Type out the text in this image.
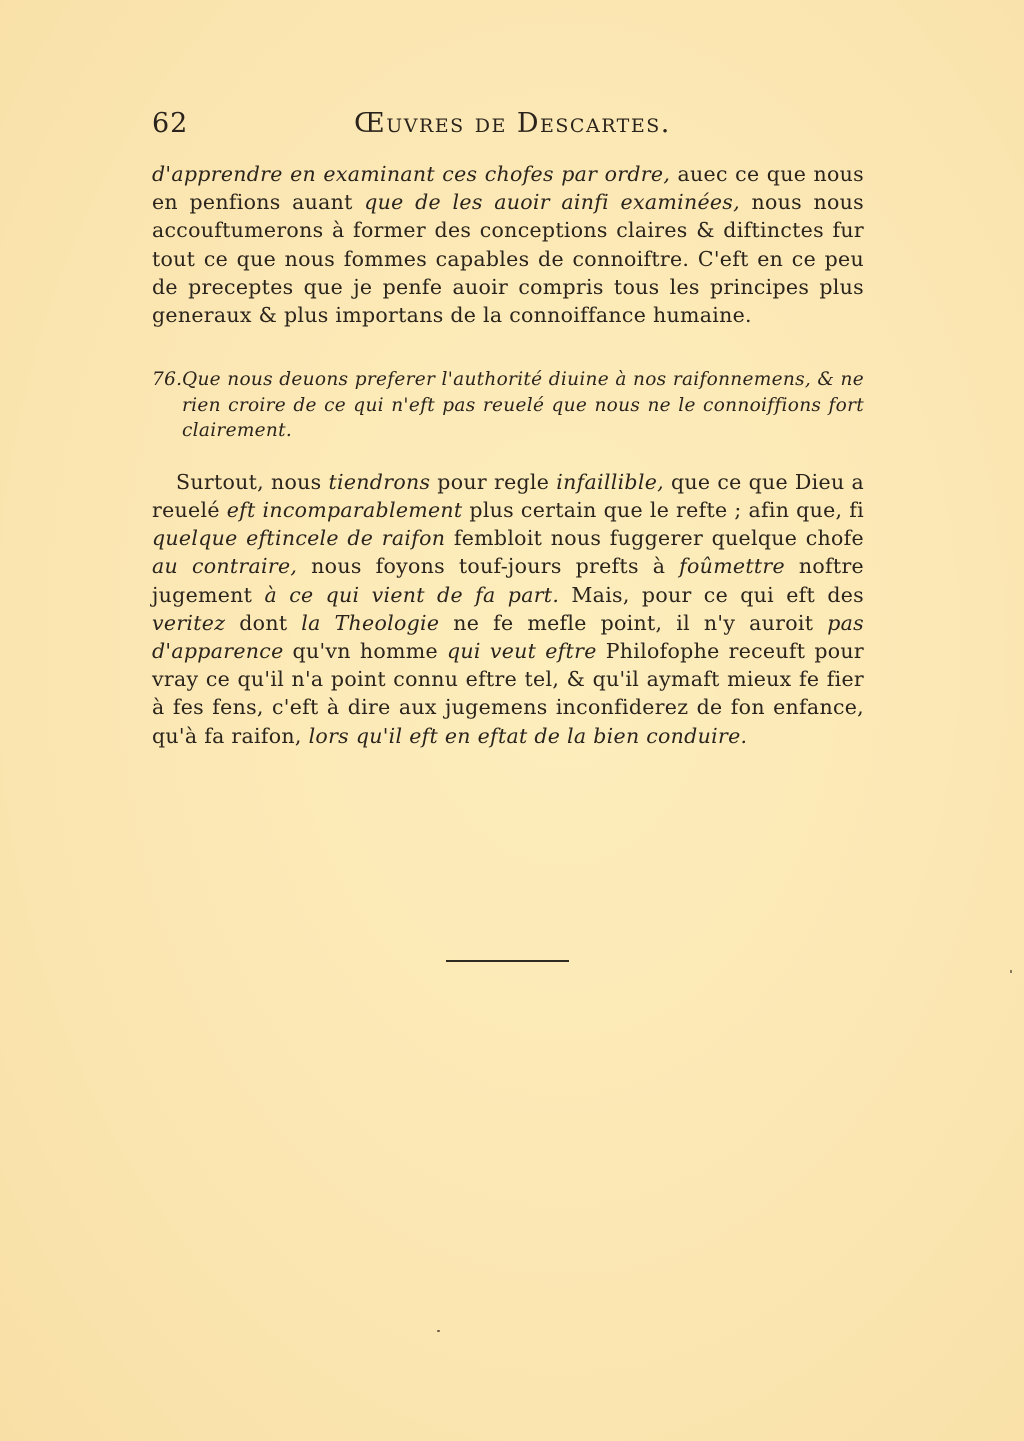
62	Œuvres de Descartes.

d'apprendre en examinant ces chofes par ordre, auec ce que nous en penfions auant que de les auoir ainfi examinées, nous nous accouftumerons à former des conceptions claires & diftinctes fur tout ce que nous fommes capables de connoiftre. C'eft en ce peu de preceptes que je penfe auoir compris tous les principes plus generaux & plus importans de la connoiffance humaine.

76. Que nous deuons preferer l'authorité diuine à nos raifonnemens, & ne rien croire de ce qui n'eft pas reuelé que nous ne le connoiffions fort clairement.

Surtout, nous tiendrons pour regle infaillible, que ce que Dieu a reuelé eft incomparablement plus certain que le refte ; afin que, fi quelque eftincele de raifon fembloit nous fuggerer quelque chofe au contraire, nous foyons touf-jours prefts à foûmettre noftre jugement à ce qui vient de fa part. Mais, pour ce qui eft des veritez dont la Theologie ne fe mefle point, il n'y auroit pas d'apparence qu'vn homme qui veut eftre Philofophe receuft pour vray ce qu'il n'a point connu eftre tel, & qu'il aymaft mieux fe fier à fes fens, c'eft à dire aux jugemens inconfiderez de fon enfance, qu'à fa raifon, lors qu'il eft en eftat de la bien conduire.
